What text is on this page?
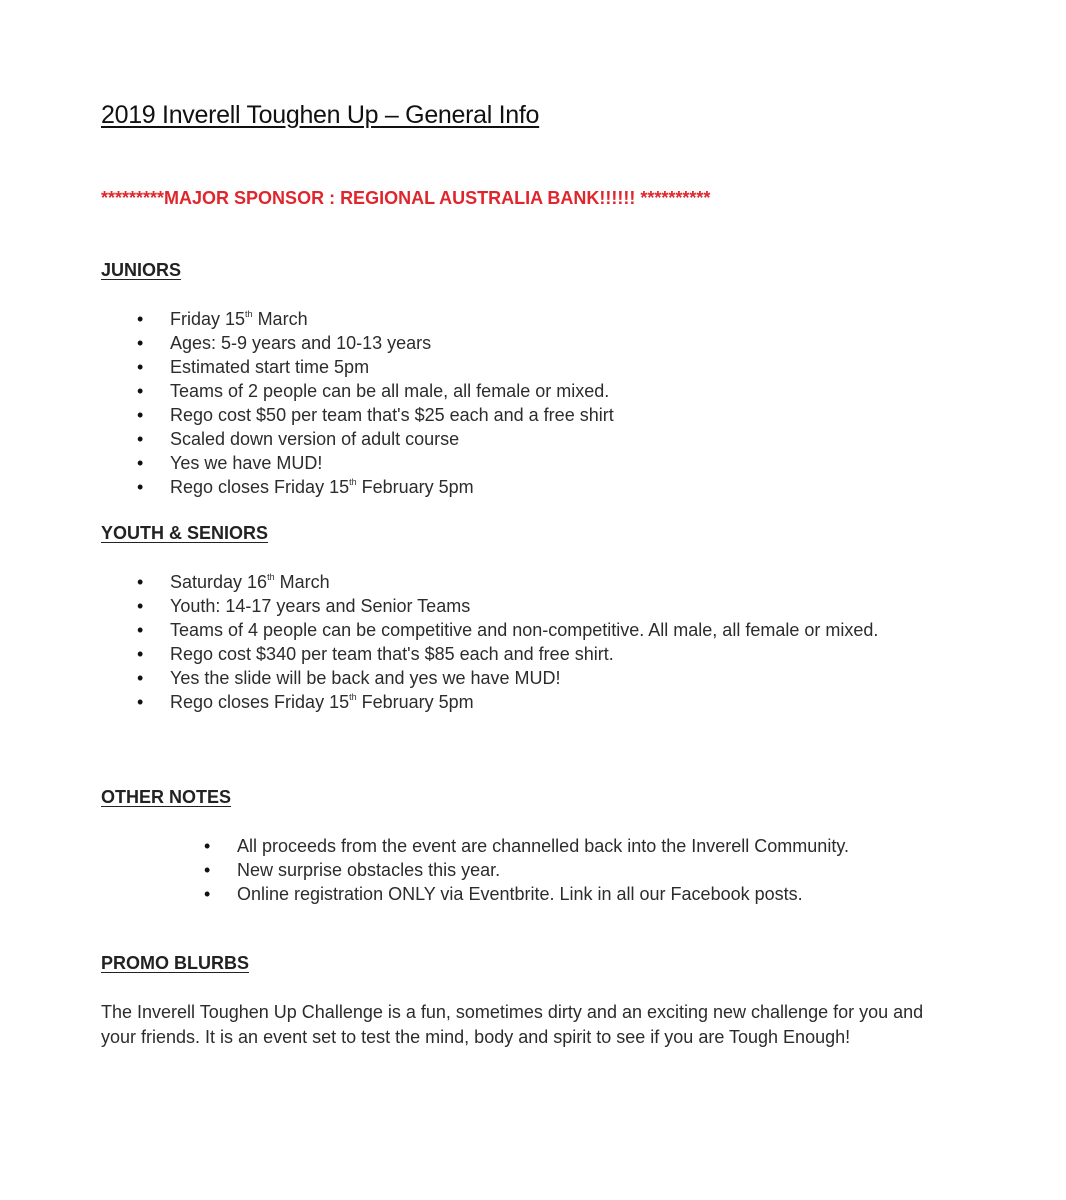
2019 Inverell Toughen Up – General Info

*********MAJOR SPONSOR : REGIONAL AUSTRALIA BANK!!!!!! **********

JUNIORS
• Friday 15th March
• Ages: 5-9 years and 10-13 years
• Estimated start time 5pm
• Teams of 2 people can be all male, all female or mixed.
• Rego cost $50 per team that's $25 each and a free shirt
• Scaled down version of adult course
• Yes we have MUD!
• Rego closes Friday 15th February 5pm
YOUTH & SENIORS
• Saturday 16th March
• Youth: 14-17 years and Senior Teams
• Teams of 4 people can be competitive and non-competitive. All male, all female or mixed.
• Rego cost $340 per team that's $85 each and free shirt.
• Yes the slide will be back and yes we have MUD!
• Rego closes Friday 15th February 5pm
OTHER NOTES
• All proceeds from the event are channelled back into the Inverell Community.
• New surprise obstacles this year.
• Online registration ONLY via Eventbrite. Link in all our Facebook posts.
PROMO BLURBS

The Inverell Toughen Up Challenge is a fun, sometimes dirty and an exciting new challenge for you and your friends. It is an event set to test the mind, body and spirit to see if you are Tough Enough!
